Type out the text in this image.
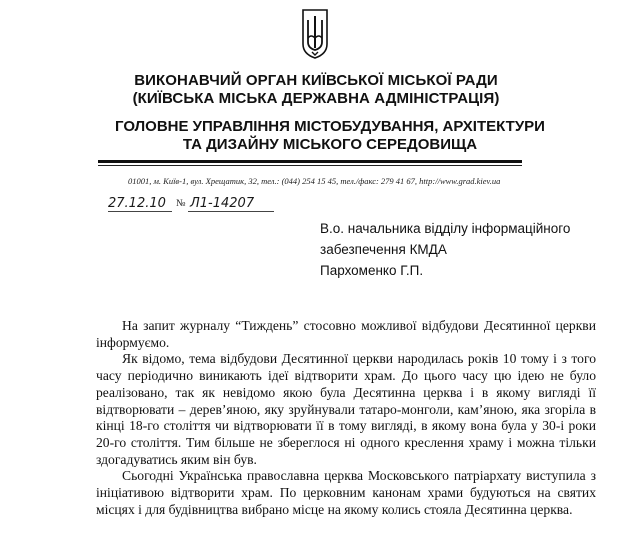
ВИКОНАВЧИЙ ОРГАН КИЇВСЬКОЇ МІСЬКОЇ РАДИ
(КИЇВСЬКА МІСЬКА ДЕРЖАВНА АДМІНІСТРАЦІЯ)
ГОЛОВНЕ УПРАВЛІННЯ МІСТОБУДУВАННЯ, АРХІТЕКТУРИ
ТА ДИЗАЙНУ МІСЬКОГО СЕРЕДОВИЩА
01001, м. Київ-1, вул. Хрещатик, 32, тел.: (044) 254 15 45, тел./факс: 279 41 67, http://www.grad.kiev.ua
27.12.10 № Л1-14207
В.о. начальника відділу інформаційного
забезпечення КМДА
Пархоменко Г.П.

На запит журналу “Тиждень” стосовно можливої відбудови Десятинної церкви інформуємо.

Як відомо, тема відбудови Десятинної церкви народилась років 10 тому і з того часу періодично виникають ідеї відтворити храм. До цього часу цю ідею не було реалізовано, так як невідомо якою була Десятинна церква і в якому вигляді її відтворювати – дерев’яною, яку зруйнували татаро-монголи, кам’яною, яка згоріла в кінці 18-го століття чи відтворювати її в тому вигляді, в якому вона була у 30-і роки 20-го століття. Тим більше не збереглося ні одного креслення храму і можна тільки здогадуватись яким він був.

Сьогодні Українська православна церква Московського патріархату виступила з ініціативою відтворити храм. По церковним канонам храми будуються на святих місцях і для будівництва вибрано місце на якому колись стояла Десятинна церква.
